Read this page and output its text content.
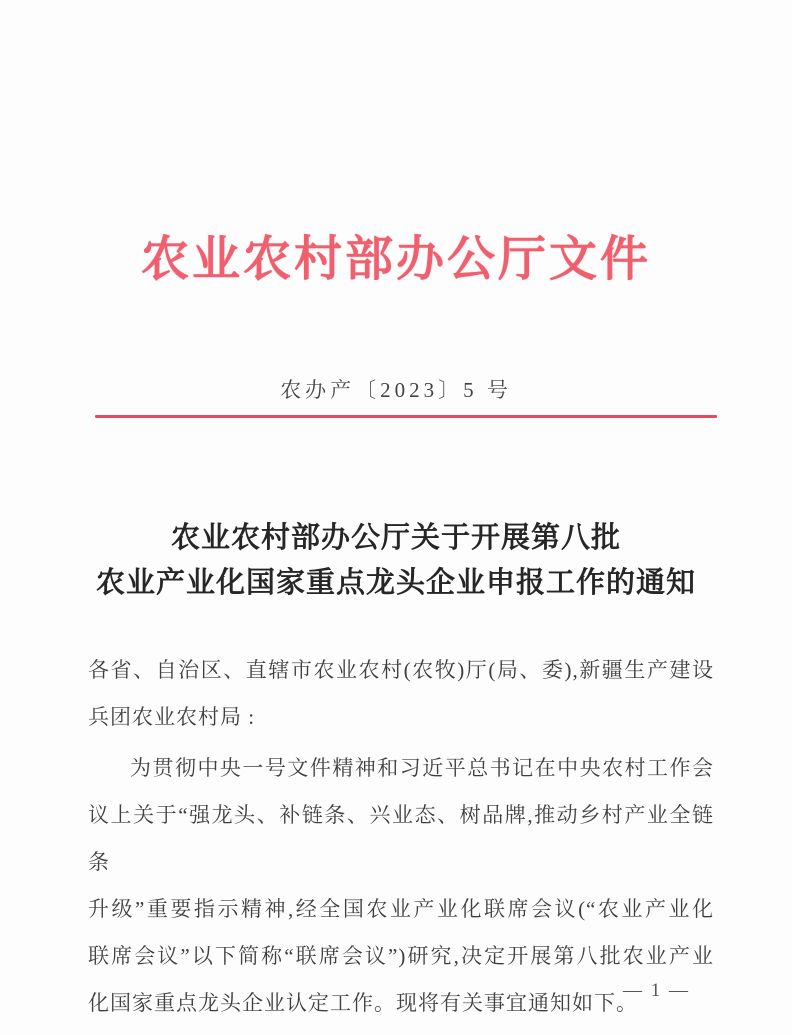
农业农村部办公厅文件
农办产〔2023〕5 号
农业农村部办公厅关于开展第八批
农业产业化国家重点龙头企业申报工作的通知
各省、自治区、直辖市农业农村(农牧)厅(局、委),新疆生产建设
兵团农业农村局 :
为贯彻中央一号文件精神和习近平总书记在中央农村工作会
议上关于“强龙头、补链条、兴业态、树品牌,推动乡村产业全链条
升级”重要指示精神,经全国农业产业化联席会议(“农业产业化
联席会议”以下简称“联席会议”)研究,决定开展第八批农业产业
化国家重点龙头企业认定工作。现将有关事宜通知如下。
— 1 —
